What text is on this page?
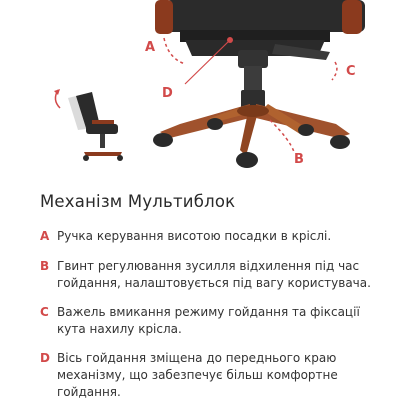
A
C
B
D
Механізм Мультиблок
A Ручка керування висотою посадки в кріслі.
B Гвинт регулювання зусилля відхилення під час гойдання, налаштовується під вагу користувача.
C Важель вмикання режиму гойдання та фіксації кута нахилу крісла.
D Вісь гойдання зміщена до переднього краю механізму, що забезпечує більш комфортне гойдання.
